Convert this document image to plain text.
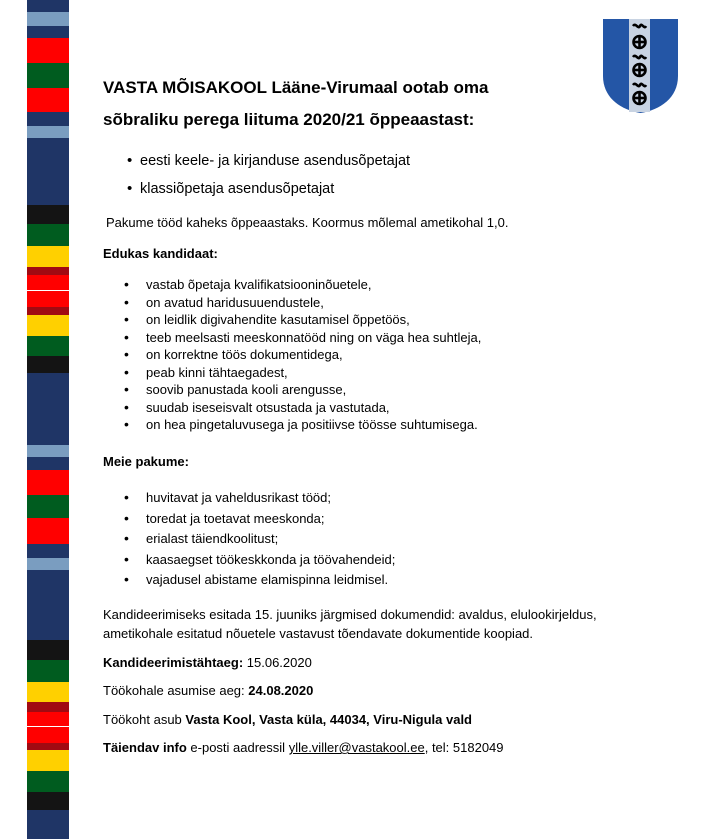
VASTA MÕISAKOOL Lääne-Virumaal ootab oma
sõbraliku perega liituma 2020/21 õppeaastast:
• eesti keele- ja kirjanduse asendusõpetajat
• klassiõpetaja asendusõpetajat
Pakume tööd kaheks õppeaastaks. Koormus mõlemal ametikohal 1,0.
Edukas kandidaat:
• vastab õpetaja kvalifikatsiooninõuetele,
• on avatud haridusuuendustele,
• on leidlik digivahendite kasutamisel õppetöös,
• teeb meelsasti meeskonnatööd ning on väga hea suhtleja,
• on korrektne töös dokumentidega,
• peab kinni tähtaegadest,
• soovib panustada kooli arengusse,
• suudab iseseisvalt otsustada ja vastutada,
• on hea pingetaluvusega ja positiivse töösse suhtumisega.
Meie pakume:
• huvitavat ja vaheldusrikast tööd;
• toredat ja toetavat meeskonda;
• erialast täiendkoolitust;
• kaasaegset töökeskkonda ja töövahendeid;
• vajadusel abistame elamispinna leidmisel.
Kandideerimiseks esitada 15. juuniks järgmised dokumendid: avaldus, elulookirjeldus,
ametikohale esitatud nõuetele vastavust tõendavate dokumentide koopiad.
Kandideerimistähtaeg: 15.06.2020
Töökohale asumise aeg: 24.08.2020
Töökoht asub Vasta Kool, Vasta küla, 44034, Viru-Nigula vald
Täiendav info e-posti aadressil ylle.viller@vastakool.ee, tel: 5182049
